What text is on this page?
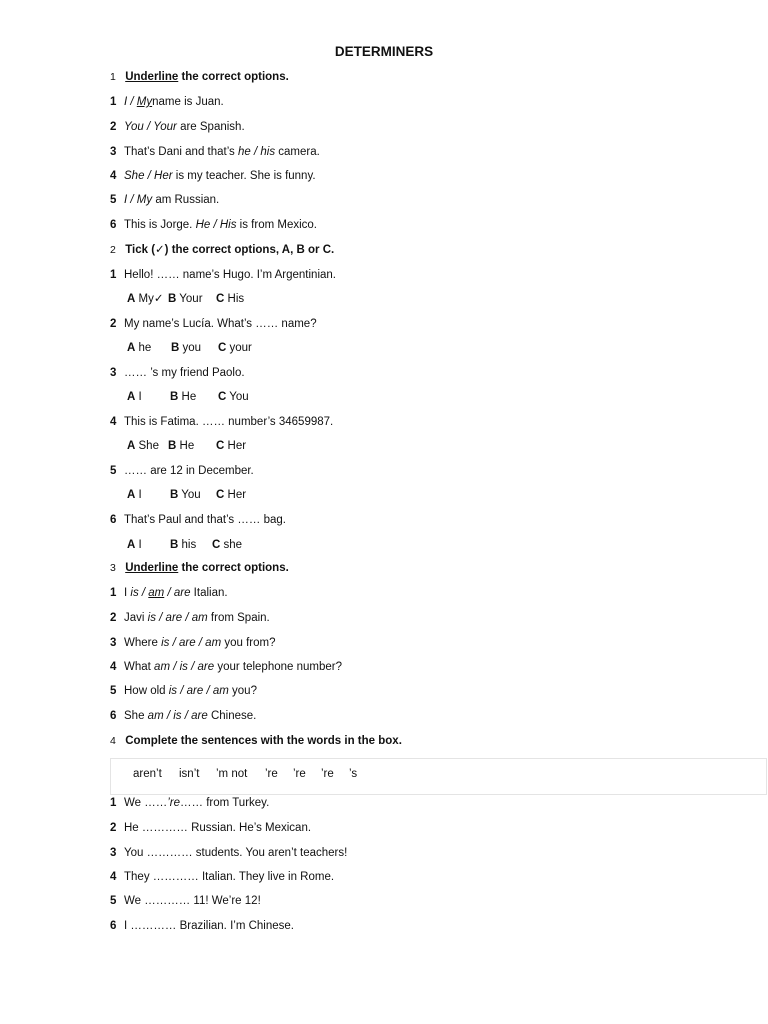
DETERMINERS
1 Underline the correct options.
1 I / Myname is Juan.
2 You / Your are Spanish.
3 That’s Dani and that’s he / his camera.
4 She / Her is my teacher. She is funny.
5 I / My am Russian.
6 This is Jorge. He / His is from Mexico.
2 Tick (✓) the correct options, A, B or C.
1 Hello! …… name’s Hugo. I’m Argentinian.
2 My name’s Lucía. What’s …… name?
3 …… ’s my friend Paolo.
4 This is Fatima. …… number’s 34659987.
5 …… are 12 in December.
6 That’s Paul and that’s …… bag.
A My✓ B Your C His
A he B you C your
A I B He C You
A She B He C Her
A I B You C Her
A I B his C she
3 Underline the correct options.
1 I is / am / are Italian.
2 Javi is / are / am from Spain.
3 Where is / are / am you from?
4 What am / is / are your telephone number?
5 How old is / are / am you?
6 She am / is / are Chinese.
4 Complete the sentences with the words in the box.
aren’t isn’t ’m not ’re ’re ’re ’s
1 We ……’re…… from Turkey.
2 He ………… Russian. He’s Mexican.
3 You ………… students. You aren’t teachers!
4 They ………… Italian. They live in Rome.
5 We ………… 11! We’re 12!
6 I ………… Brazilian. I’m Chinese.
